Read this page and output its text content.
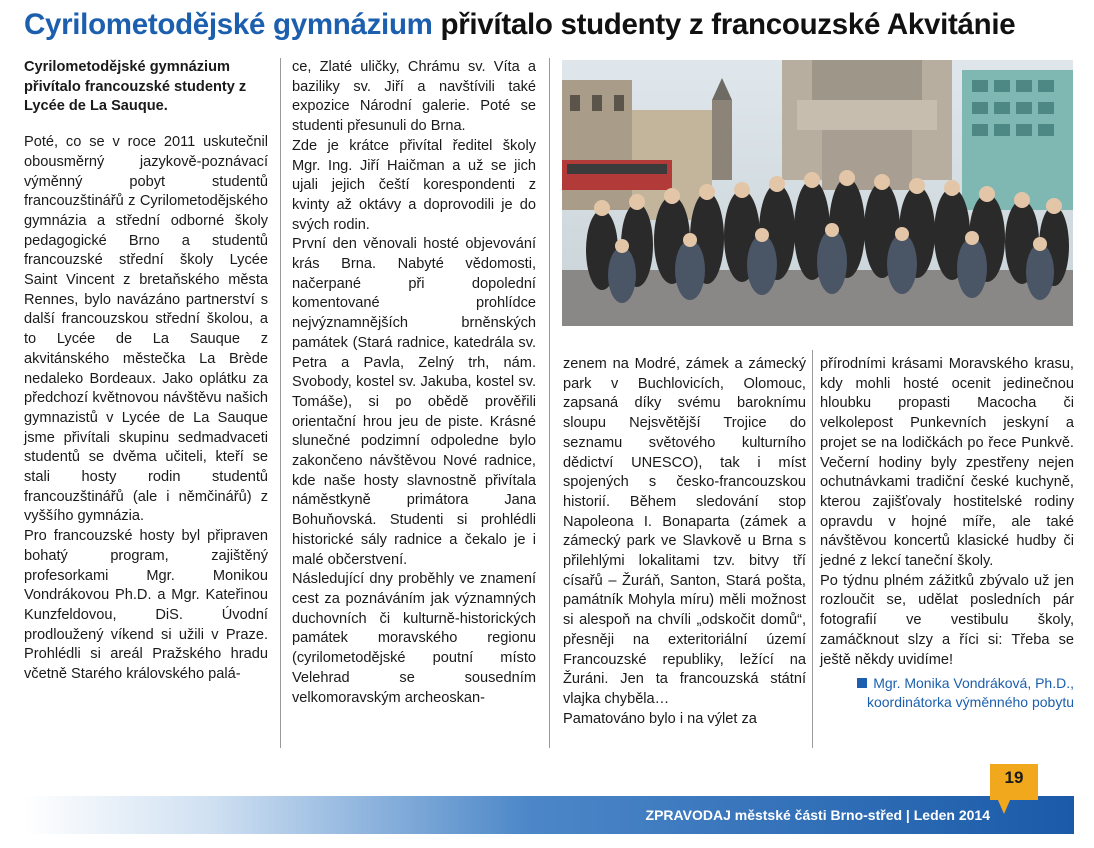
Cyrilometodějské gymnázium přivítalo studenty z francouzské Akvitánie

Cyrilometodějské gymnázium přivítalo francouzské studenty z Lycée de La Sauque.

Poté, co se v roce 2011 uskutečnil obousměrný jazykově-poznávací výměnný pobyt studentů francouzštinářů z Cyrilometodějského gymnázia a střední odborné školy pedagogické Brno a studentů francouzské střední školy Lycée Saint Vincent z bretaňského města Rennes, bylo navázáno partnerství s další francouzskou střední školou, a to Lycée de La Sauque z akvitánského městečka La Brède nedaleko Bordeaux. Jako oplátku za předchozí květnovou návštěvu našich gymnazistů v Lycée de La Sauque jsme přivítali skupinu sedmadvaceti studentů se dvěma učiteli, kteří se stali hosty rodin studentů francouzštinářů (ale i němčinářů) z vyššího gymnázia.

Pro francouzské hosty byl připraven bohatý program, zajištěný profesorkami Mgr. Monikou Vondrákovou Ph.D. a Mgr. Kateřinou Kunzfeldovou, DiS. Úvodní prodloužený víkend si užili v Praze. Prohlédli si areál Pražského hradu včetně Starého královského palá-

ce, Zlaté uličky, Chrámu sv. Víta a baziliky sv. Jiří a navštívili také expozice Národní galerie. Poté se studenti přesunuli do Brna.

Zde je krátce přivítal ředitel školy Mgr. Ing. Jiří Haičman a už se jich ujali jejich čeští korespondenti z kvinty až oktávy a doprovodili je do svých rodin.

První den věnovali hosté objevování krás Brna. Nabyté vědomosti, načerpané při dopolední komentované prohlídce nejvýznamnějších brněnských památek (Stará radnice, katedrála sv. Petra a Pavla, Zelný trh, nám. Svobody, kostel sv. Jakuba, kostel sv. Tomáše), si po obědě prověřili orientační hrou jeu de piste. Krásné slunečné podzimní odpoledne bylo zakončeno návštěvou Nové radnice, kde naše hosty slavnostně přivítala náměstkyně primátora Jana Bohuňovská. Studenti si prohlédli historické sály radnice a čekalo je i malé občerstvení.

Následující dny proběhly ve znamení cest za poznáváním jak významných duchovních či kulturně-historických památek moravského regionu (cyrilometodějské poutní místo Velehrad se sousedním velkomoravským archeoskan-

zenem na Modré, zámek a zámecký park v Buchlovicích, Olomouc, zapsaná díky svému baroknímu sloupu Nejsvětější Trojice do seznamu světového kulturního dědictví UNESCO), tak i míst spojených s česko-francouzskou historií. Během sledování stop Napoleona I. Bonaparta (zámek a zámecký park ve Slavkově u Brna s přilehlými lokalitami tzv. bitvy tří císařů – Žuráň, Santon, Stará pošta, památník Mohyla míru) měli možnost si alespoň na chvíli „odskočit domů“, přesněji na exteritoriální území Francouzské republiky, ležící na Žuráni. Jen ta francouzská státní vlajka chyběla…

Pamatováno bylo i na výlet za

přírodními krásami Moravského krasu, kdy mohli hosté ocenit jedinečnou hloubku propasti Macocha či velkolepost Punkevních jeskyní a projet se na lodičkách po řece Punkvě. Večerní hodiny byly zpestřeny nejen ochutnávkami tradiční české kuchyně, kterou zajišťovaly hostitelské rodiny opravdu v hojné míře, ale také návštěvou koncertů klasické hudby či jedné z lekcí taneční školy.

Po týdnu plném zážitků zbývalo už jen rozloučit se, udělat posledních pár fotografií ve vestibulu školy, zamáčknout slzy a říci si: Třeba se ještě někdy uvidíme!

Mgr. Monika Vondráková, Ph.D.,
koordinátorka výměnného pobytu

ZPRAVODAJ městské části Brno-střed | Leden 2014
19
